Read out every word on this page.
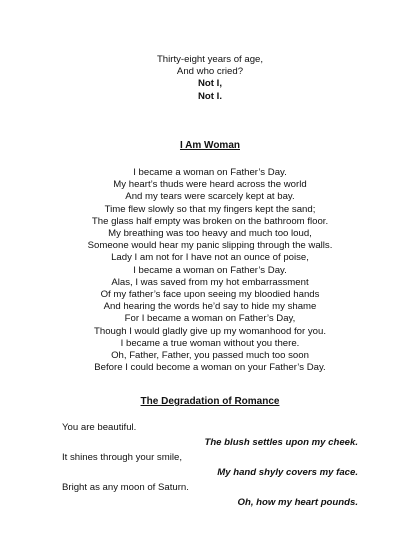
Thirty-eight years of age,
And who cried?
Not I,
Not I.
I Am Woman
I became a woman on Father’s Day.
My heart’s thuds were heard across the world
And my tears were scarcely kept at bay.
Time flew slowly so that my fingers kept the sand;
The glass half empty was broken on the bathroom floor.
My breathing was too heavy and much too loud,
Someone would hear my panic slipping through the walls.
Lady I am not for I have not an ounce of poise,
I became a woman on Father’s Day.
Alas, I was saved from my hot embarrassment
Of my father’s face upon seeing my bloodied hands
And hearing the words he’d say to hide my shame
For I became a woman on Father’s Day,
Though I would gladly give up my womanhood for you.
I became a true woman without you there.
Oh, Father, Father, you passed much too soon
Before I could become a woman on your Father’s Day.
The Degradation of Romance
You are beautiful.
The blush settles upon my cheek.
It shines through your smile,
My hand shyly covers my face.
Bright as any moon of Saturn.
Oh, how my heart pounds.
